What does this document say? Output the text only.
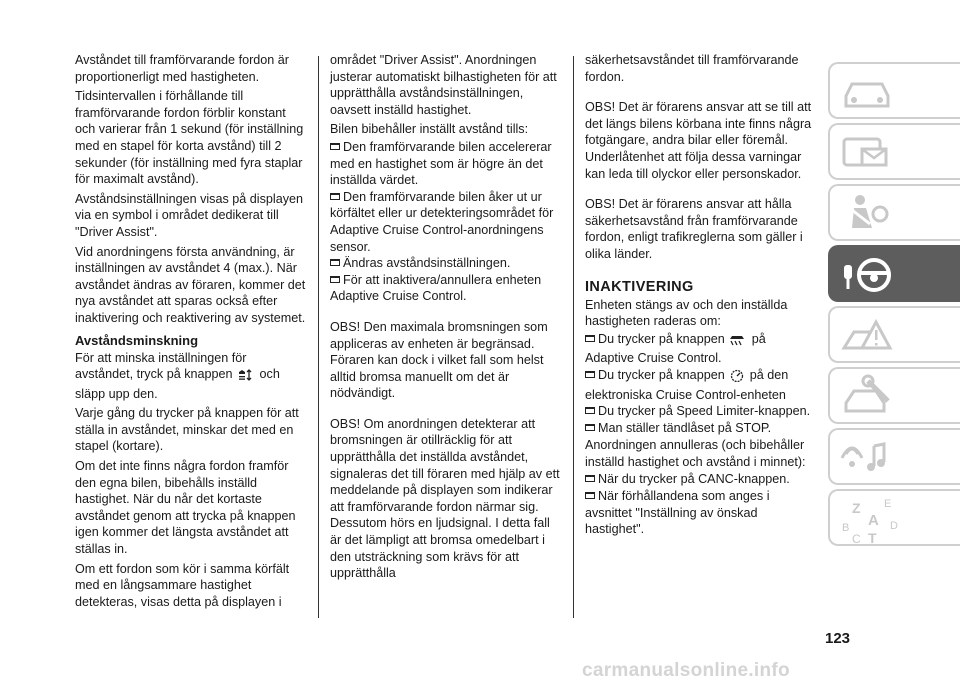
Avståndet till framförvarande fordon är proportionerligt med hastigheten.

Tidsintervallen i förhållande till framförvarande fordon förblir konstant och varierar från 1 sekund (för inställning med en stapel för korta avstånd) till 2 sekunder (för inställning med fyra staplar för maximalt avstånd).

Avståndsinställningen visas på displayen via en symbol i området dedikerat till "Driver Assist".

Vid anordningens första användning, är inställningen av avståndet 4 (max.). När avståndet ändras av föraren, kommer det nya avståndet att sparas också efter inaktivering och reaktivering av systemet.

Avståndsminskning

För att minska inställningen för avståndet, tryck på knappen och släpp upp den.

Varje gång du trycker på knappen för att ställa in avståndet, minskar det med en stapel (kortare).

Om det inte finns några fordon framför den egna bilen, bibehålls inställd hastighet. När du når det kortaste avståndet genom att trycka på knappen igen kommer det längsta avståndet att ställas in.

Om ett fordon som kör i samma körfält med en långsammare hastighet detekteras, visas detta på displayen i

området "Driver Assist". Anordningen justerar automatiskt bilhastigheten för att upprätthålla avståndsinställningen, oavsett inställd hastighet.

Bilen bibehåller inställt avstånd tills:

Den framförvarande bilen accelererar med en hastighet som är högre än det inställda värdet.
Den framförvarande bilen åker ut ur körfältet eller ur detekteringsområdet för Adaptive Cruise Control-anordningens sensor.
Ändras avståndsinställningen.
För att inaktivera/annullera enheten Adaptive Cruise Control.

OBS! Den maximala bromsningen som appliceras av enheten är begränsad. Föraren kan dock i vilket fall som helst alltid bromsa manuellt om det är nödvändigt.

OBS! Om anordningen detekterar att bromsningen är otillräcklig för att upprätthålla det inställda avståndet, signaleras det till föraren med hjälp av ett meddelande på displayen som indikerar att framförvarande fordon närmar sig. Dessutom hörs en ljudsignal. I detta fall är det lämpligt att bromsa omedelbart i den utsträckning som krävs för att upprätthålla

säkerhetsavståndet till framförvarande fordon.

OBS! Det är förarens ansvar att se till att det längs bilens körbana inte finns några fotgängare, andra bilar eller föremål. Underlåtenhet att följa dessa varningar kan leda till olyckor eller personskador.

OBS! Det är förarens ansvar att hålla säkerhetsavstånd från framförvarande fordon, enligt trafikreglerna som gäller i olika länder.

INAKTIVERING

Enheten stängs av och den inställda hastigheten raderas om:

Du trycker på knappen på Adaptive Cruise Control.
Du trycker på knappen på den elektroniska Cruise Control-enheten
Du trycker på Speed Limiter-knappen.
Man ställer tändlåset på STOP.

Anordningen annulleras (och bibehåller inställd hastighet och avstånd i minnet):

När du trycker på CANC-knappen.
När förhållandena som anges i avsnittet "Inställning av önskad hastighet".
Z E
A
B	D
C T
123
carmanualsonline.info
